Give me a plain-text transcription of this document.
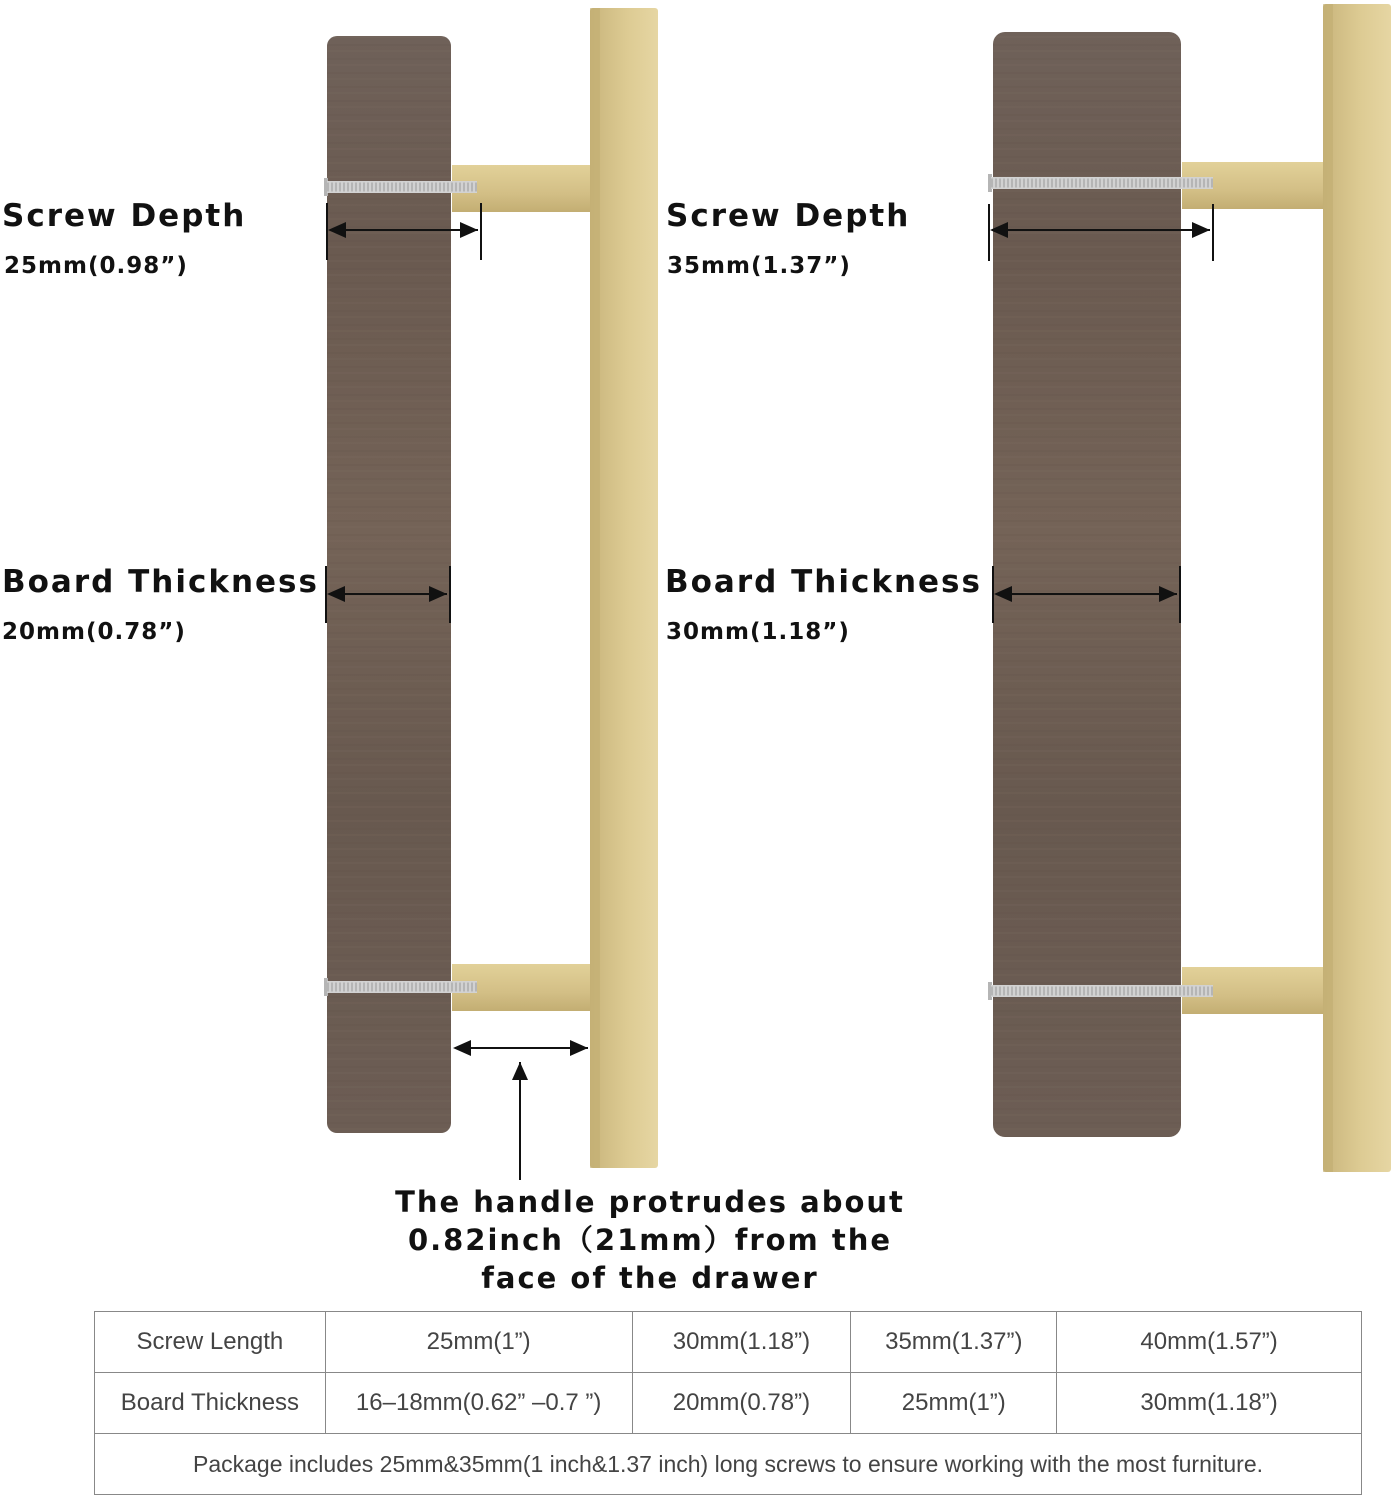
Screw Depth
25mm(0.98”)
Board Thickness
20mm(0.78”)
Screw Depth
35mm(1.37”)
Board Thickness
30mm(1.18”)
The handle protrudes about
0.82inch（21mm）from the
face of the drawer
Screw Length	25mm(1”)	30mm(1.18”)	35mm(1.37”)	40mm(1.57”)
Board Thickness	16–18mm(0.62” –0.7 ”)	20mm(0.78”)	25mm(1”)	30mm(1.18”)
Package includes 25mm&35mm(1 inch&1.37 inch) long screws to ensure working with the most furniture.				
